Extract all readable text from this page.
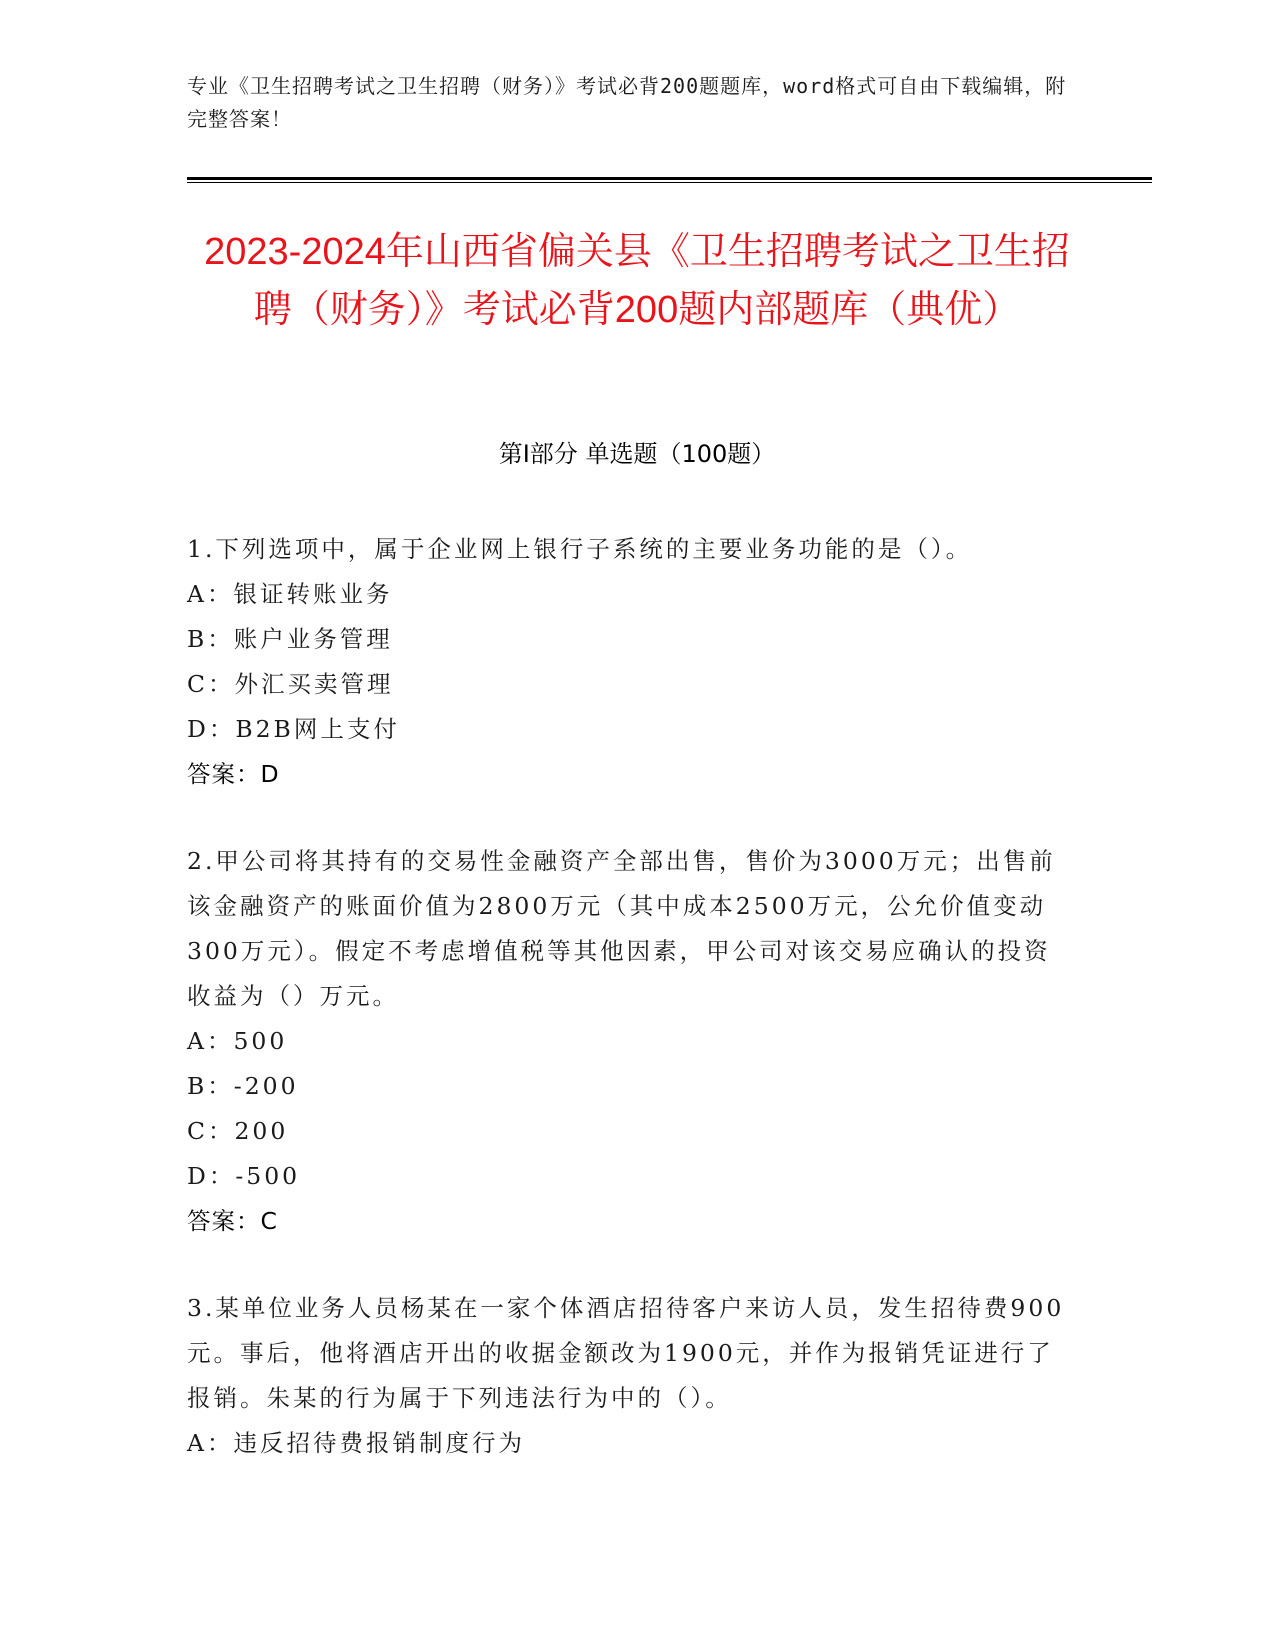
专业《卫生招聘考试之卫生招聘（财务）》考试必背200题题库，word格式可自由下载编辑，附完整答案！
2023-2024年山西省偏关县《卫生招聘考试之卫生招聘（财务）》考试必背200题内部题库（典优）
第I部分 单选题（100题）

1.下列选项中，属于企业网上银行子系统的主要业务功能的是（）。

A：银证转账业务

B：账户业务管理

C：外汇买卖管理

D：B2B网上支付

答案：D

2.甲公司将其持有的交易性金融资产全部出售，售价为3000万元；出售前该金融资产的账面价值为2800万元（其中成本2500万元，公允价值变动300万元）。假定不考虑增值税等其他因素，甲公司对该交易应确认的投资收益为（）万元。

A：500

B：-200

C：200

D：-500

答案：C

3.某单位业务人员杨某在一家个体酒店招待客户来访人员，发生招待费900元。事后，他将酒店开出的收据金额改为1900元，并作为报销凭证进行了报销。朱某的行为属于下列违法行为中的（）。

A：违反招待费报销制度行为
